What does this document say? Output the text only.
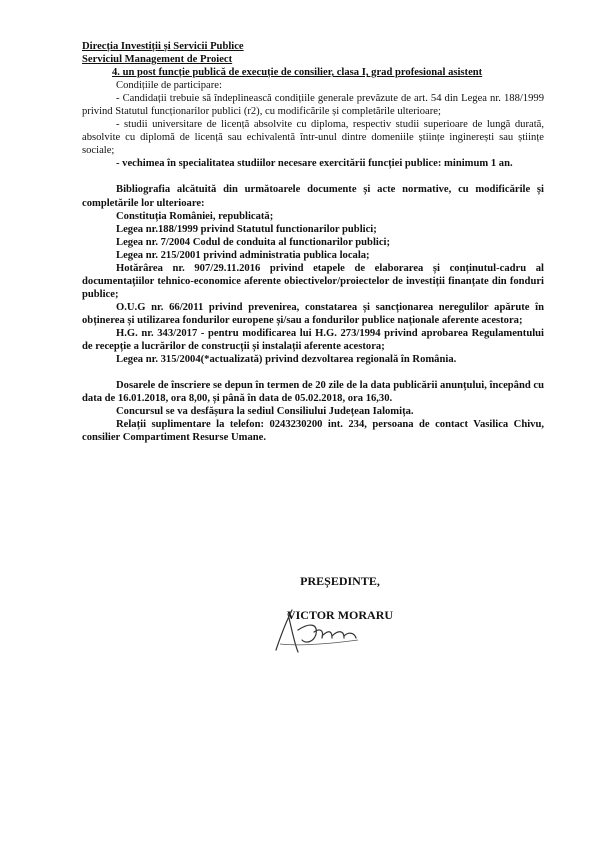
Direcția Investiții și Servicii Publice

Serviciul Management de Proiect

4. un post funcție publică de execuție de consilier, clasa I, grad profesional asistent

Condițiile de participare:

- Candidații trebuie să îndeplinească condițiile generale prevăzute de art. 54 din Legea nr. 188/1999 privind Statutul funcționarilor publici (r2), cu modificările și completările ulterioare;

- studii universitare de licență absolvite cu diploma, respectiv studii superioare de lungă durată, absolvite cu diplomă de licență sau echivalentă într-unul dintre domeniile științe inginerești sau științe sociale;

- vechimea în specialitatea studiilor necesare exercitării funcției publice: minimum 1 an.

Bibliografia alcătuită din următoarele documente și acte normative, cu modificările și completările lor ulterioare:

Constituția României, republicată;

Legea nr.188/1999 privind Statutul functionarilor publici;

Legea nr. 7/2004 Codul de conduita al functionarilor publici;

Legea nr. 215/2001 privind administratia publica locala;

Hotărârea nr. 907/29.11.2016 privind etapele de elaborarea și conținutul-cadru al documentațiilor tehnico-economice aferente obiectivelor/proiectelor de investiții finanțate din fonduri publice;

O.U.G nr. 66/2011 privind prevenirea, constatarea și sancționarea neregulilor apărute în obținerea și utilizarea fondurilor europene și/sau a fondurilor publice naționale aferente acestora;

H.G. nr. 343/2017 - pentru modificarea lui H.G. 273/1994 privind aprobarea Regulamentului de recepție a lucrărilor de construcții și instalații aferente acestora;

Legea nr. 315/2004(*actualizată) privind dezvoltarea regională în România.

Dosarele de înscriere se depun în termen de 20 zile de la data publicării anunțului, începând cu data de 16.01.2018, ora 8,00, și până în data de 05.02.2018, ora 16,30.

Concursul se va desfășura la sediul Consiliului Județean Ialomița.

Relații suplimentare la telefon: 0243230200 int. 234, persoana de contact Vasilica Chivu, consilier Compartiment Resurse Umane.

PREȘEDINTE,
VICTOR MORARU
